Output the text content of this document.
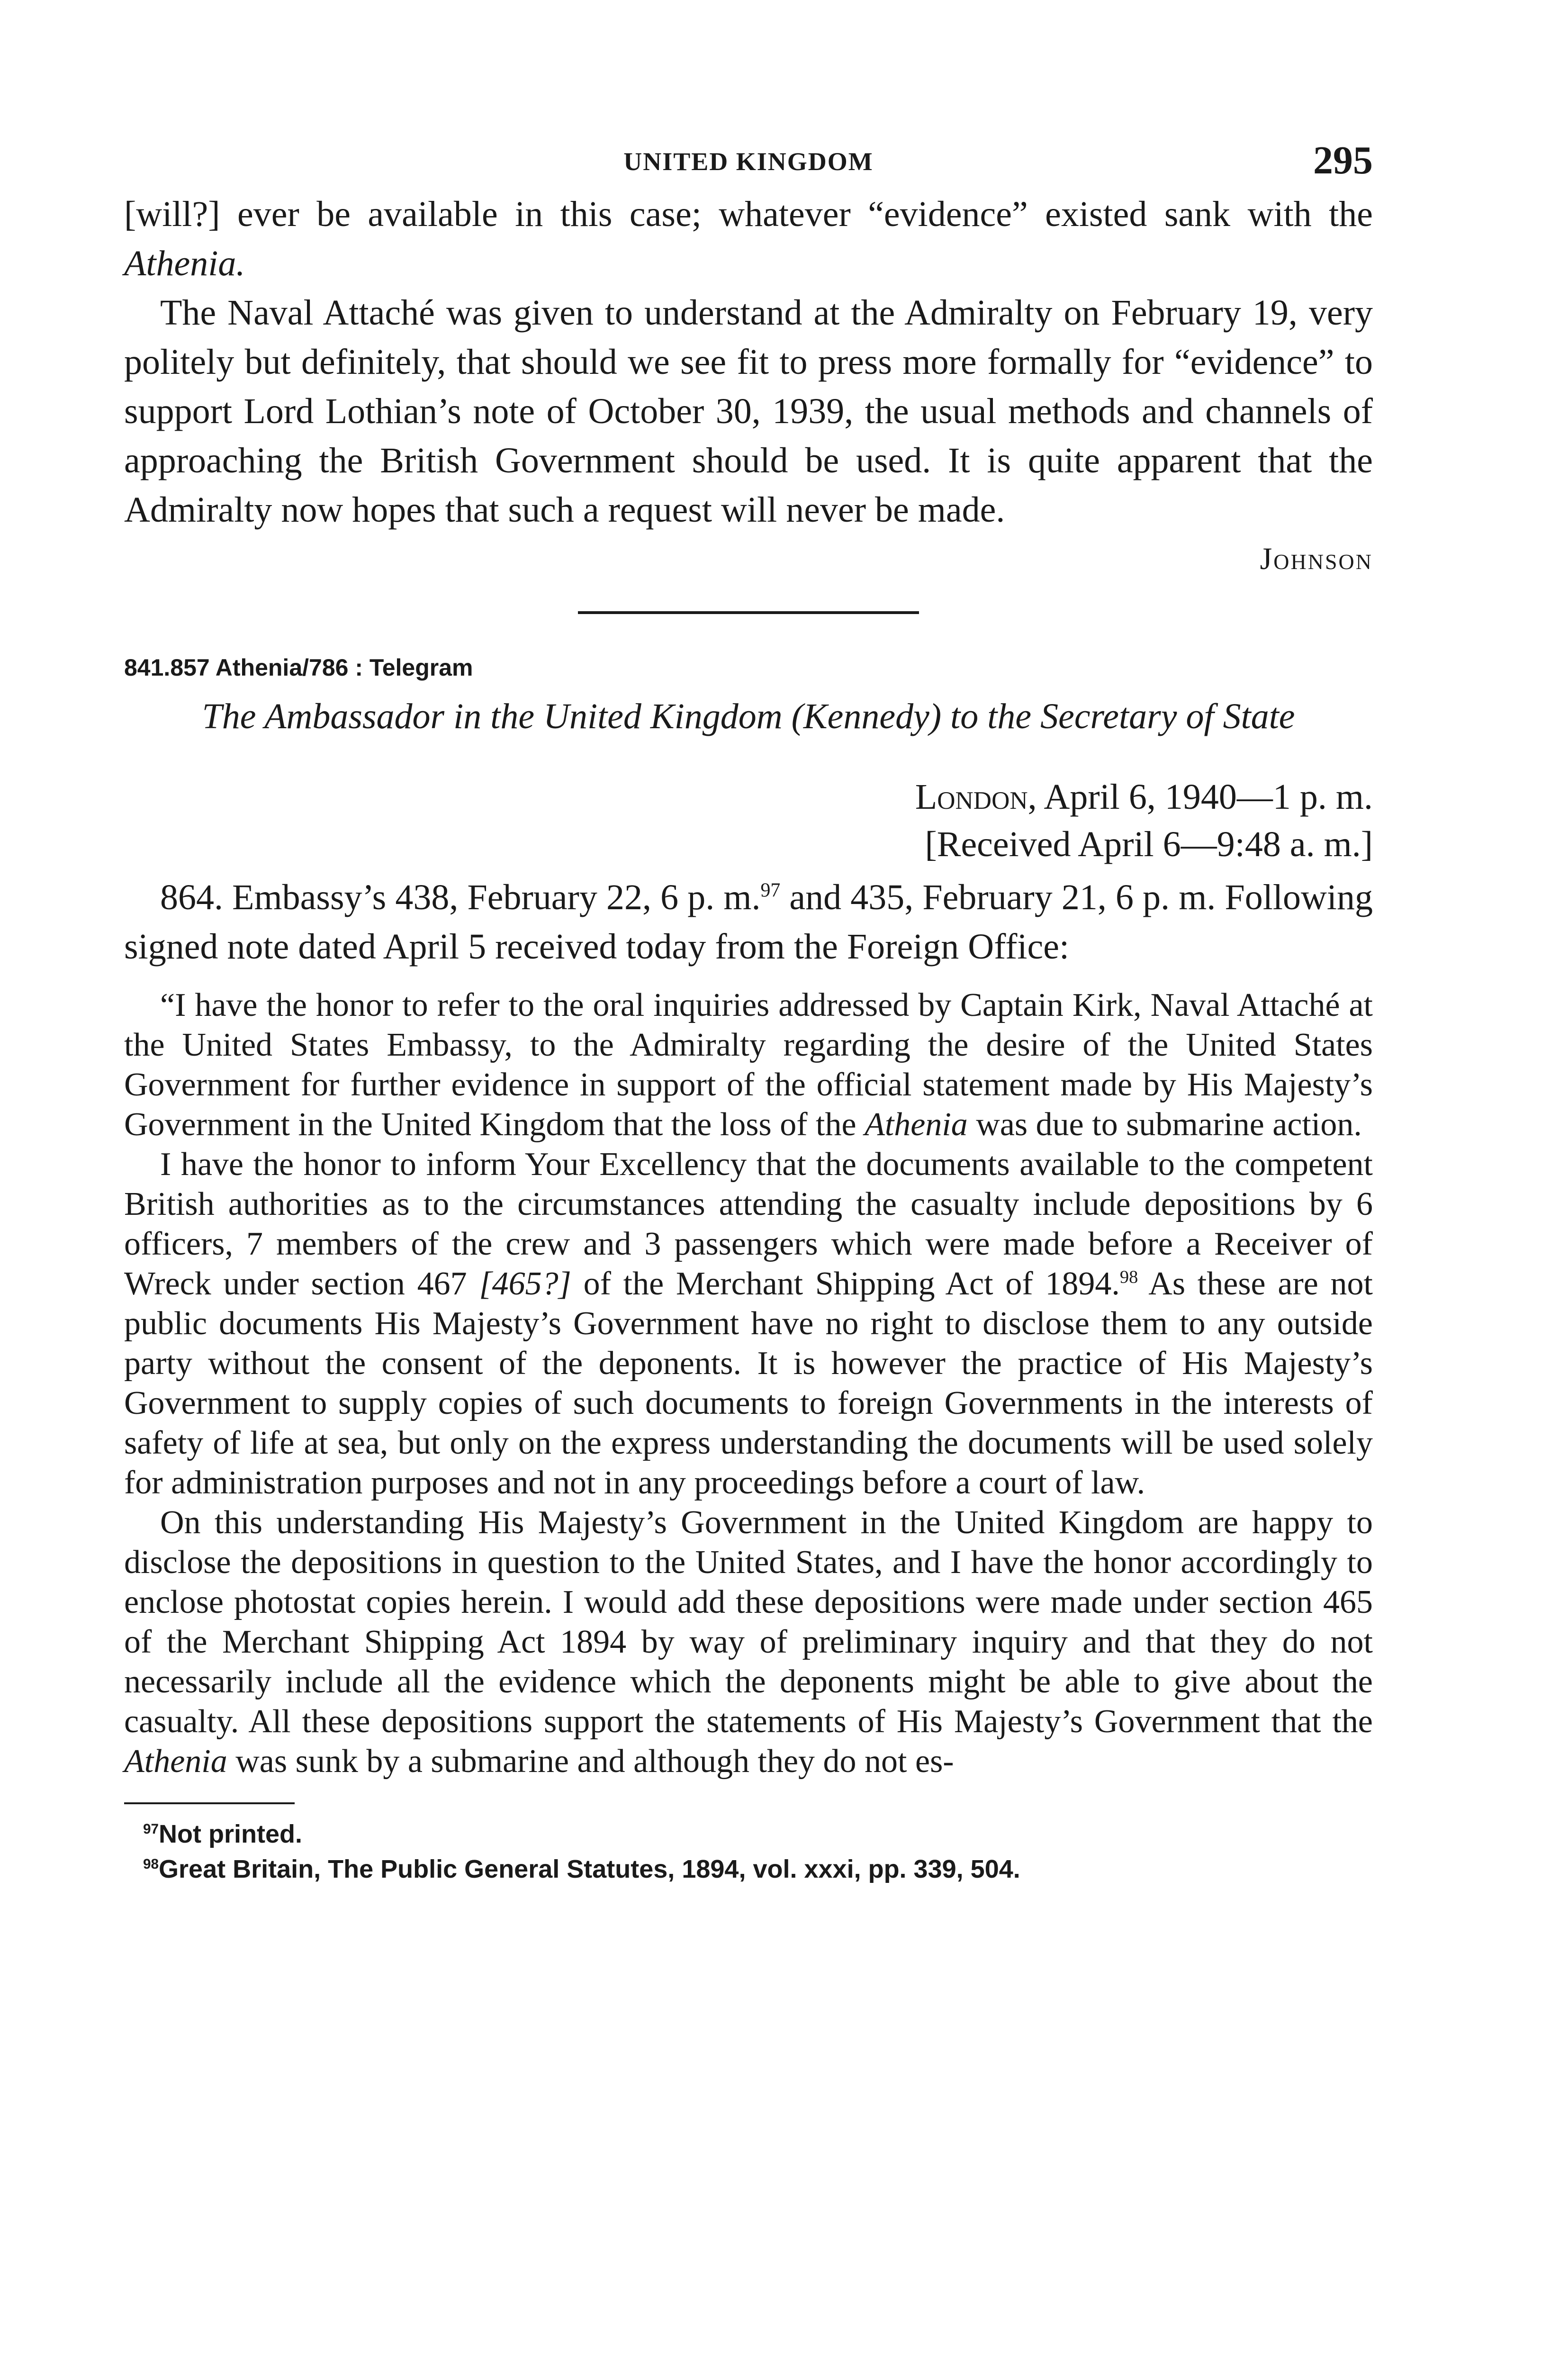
UNITED KINGDOM	295

[will?] ever be available in this case; whatever “evidence” existed sank with the Athenia.

The Naval Attaché was given to understand at the Admiralty on February 19, very politely but definitely, that should we see fit to press more formally for “evidence” to support Lord Lothian’s note of October 30, 1939, the usual methods and channels of approaching the British Government should be used. It is quite apparent that the Admiralty now hopes that such a request will never be made.

Johnson
841.857 Athenia/786 : Telegram
The Ambassador in the United Kingdom (Kennedy) to the Secretary of State
London, April 6, 1940—1 p. m.
[Received April 6—9:48 a. m.]

864. Embassy’s 438, February 22, 6 p. m.$^{97}$ and 435, February 21, 6 p. m. Following signed note dated April 5 received today from the Foreign Office:

“I have the honor to refer to the oral inquiries addressed by Captain Kirk, Naval Attaché at the United States Embassy, to the Admiralty regarding the desire of the United States Government for further evidence in support of the official statement made by His Majesty’s Government in the United Kingdom that the loss of the Athenia was due to submarine action.

I have the honor to inform Your Excellency that the documents available to the competent British authorities as to the circumstances attending the casualty include depositions by 6 officers, 7 members of the crew and 3 passengers which were made before a Receiver of Wreck under section 467 [465?] of the Merchant Shipping Act of 1894.98 As these are not public documents His Majesty’s Government have no right to disclose them to any outside party without the consent of the deponents. It is however the practice of His Majesty’s Government to supply copies of such documents to foreign Governments in the interests of safety of life at sea, but only on the express understanding the documents will be used solely for administration purposes and not in any proceedings before a court of law.

On this understanding His Majesty’s Government in the United Kingdom are happy to disclose the depositions in question to the United States, and I have the honor accordingly to enclose photostat copies herein. I would add these depositions were made under section 465 of the Merchant Shipping Act 1894 by way of preliminary inquiry and that they do not necessarily include all the evidence which the deponents might be able to give about the casualty. All these depositions support the statements of His Majesty’s Government that the Athenia was sunk by a submarine and although they do not es-

$^{97}$Not printed.
$^{98}$Great Britain, The Public General Statutes, 1894, vol. xxxi, pp. 339, 504.
